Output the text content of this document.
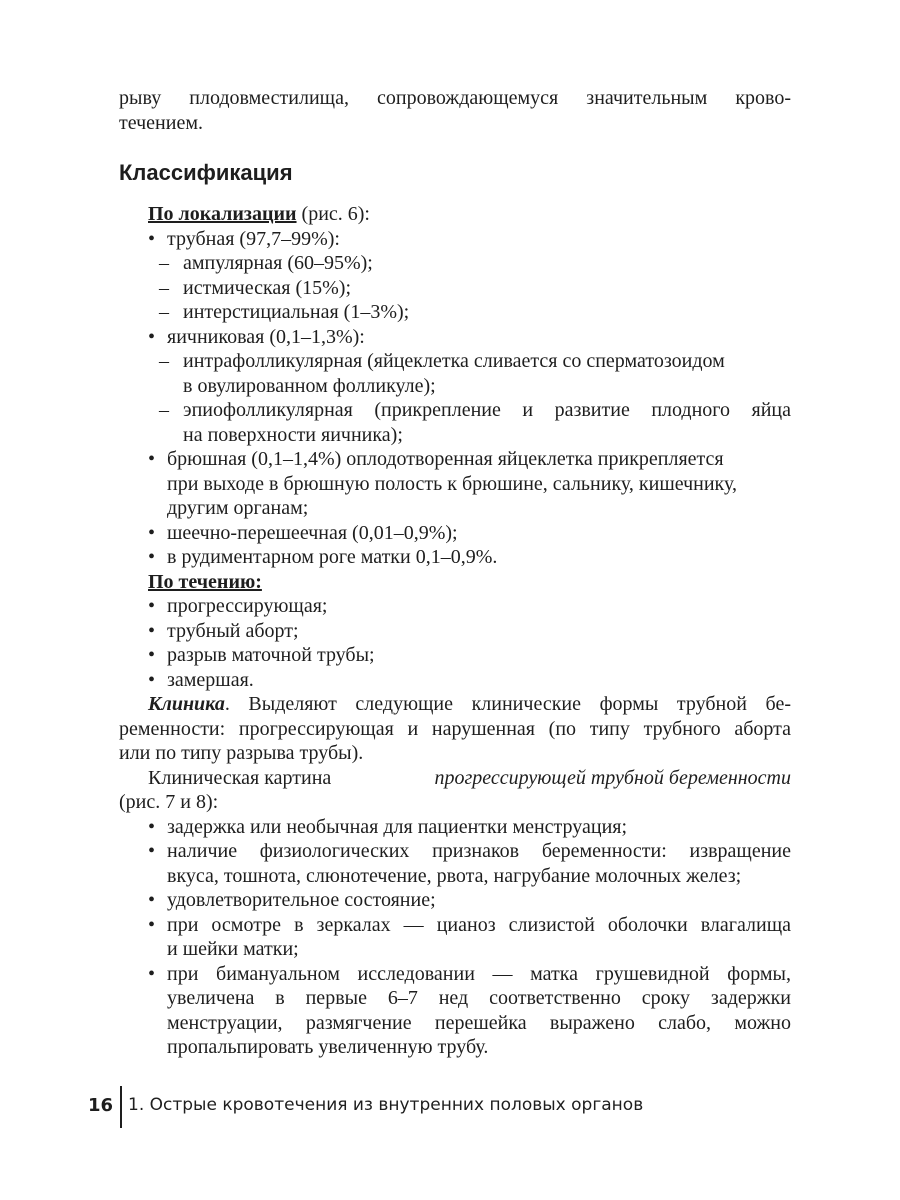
рыву плодовместилища, сопровождающемуся значительным крово-
течением.
Классификация
По локализации (рис. 6):
• трубная (97,7–99%):
– ампулярная (60–95%);
– истмическая (15%);
– интерстициальная (1–3%);
• яичниковая (0,1–1,3%):
– интрафолликулярная (яйцеклетка сливается со сперматозоидом
в овулированном фолликуле);
– эпиофолликулярная (прикрепление и развитие плодного яйца
на поверхности яичника);
• брюшная (0,1–1,4%) оплодотворенная яйцеклетка прикрепляется
при выходе в брюшную полость к брюшине, сальнику, кишечнику,
другим органам;
• шеечно-перешеечная (0,01–0,9%);
• в рудиментарном роге матки 0,1–0,9%.
По течению:
• прогрессирующая;
• трубный аборт;
• разрыв маточной трубы;
• замершая.
Клиника . Выделяют следующие клинические формы трубной бе-
ременности: прогрессирующая и нарушенная (по типу трубного аборта
или по типу разрыва трубы).
Клиническая картина	прогрессирующей трубной беременности
(рис. 7 и 8):
• задержка или необычная для пациентки менструация;
• наличие физиологических признаков беременности: извращение
вкуса, тошнота, слюнотечение, рвота, нагрубание молочных желез;
• удовлетворительное состояние;
• при осмотре в зеркалах — цианоз слизистой оболочки влагалища
и шейки матки;
• при бимануальном исследовании — матка грушевидной формы,
увеличена в первые 6–7 нед соответственно сроку задержки
менструации, размягчение перешейка выражено слабо, можно
пропальпировать увеличенную трубу.
16 1. Острые кровотечения из внутренних половых органов
